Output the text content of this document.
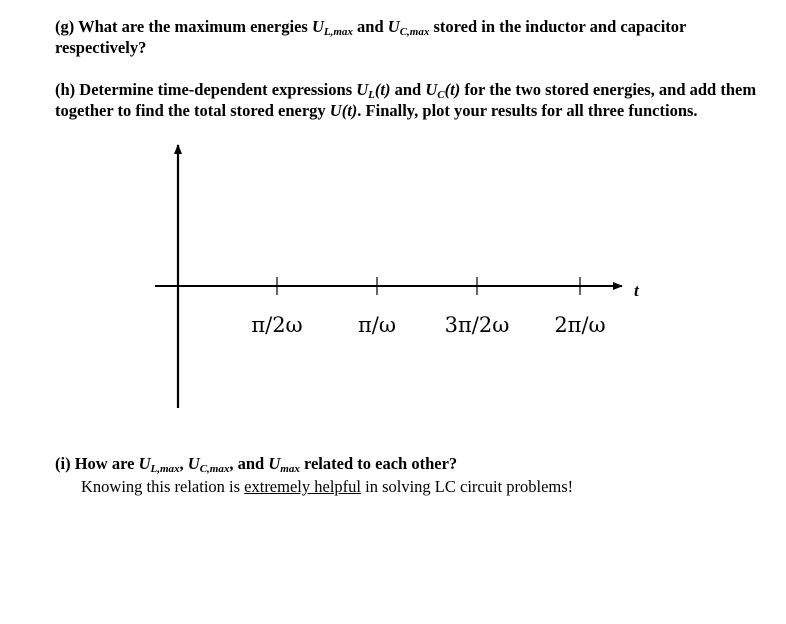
(g) What are the maximum energies $U_{L,max}$ and $U_{C,max}$ stored in the inductor and capacitor respectively?
(h) Determine time-dependent expressions $U_L(t)$ and $U_C(t)$ for the two stored energies, and add them together to find the total stored energy U(t). Finally, plot your results for all three functions.
π/2ω	π/ω 3π/2ω 2π/ω
t
(i) How are $U_{L,max}$, $U_{C,max}$, and $U_{max}$ related to each other?
Knowing this relation is extremely helpful in solving LC circuit problems!
